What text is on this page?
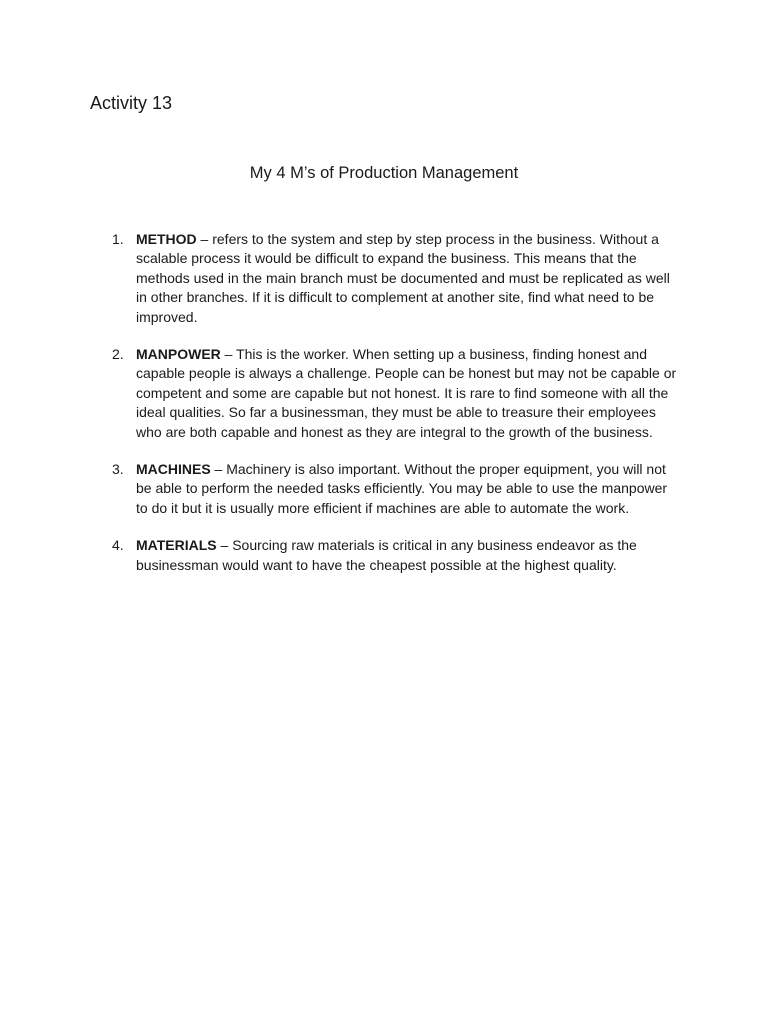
Activity 13
My 4 M’s of Production Management
1. METHOD – refers to the system and step by step process in the business. Without a scalable process it would be difficult to expand the business. This means that the methods used in the main branch must be documented and must be replicated as well in other branches. If it is difficult to complement at another site, find what need to be improved.
2. MANPOWER – This is the worker. When setting up a business, finding honest and capable people is always a challenge. People can be honest but may not be capable or competent and some are capable but not honest. It is rare to find someone with all the ideal qualities. So far a businessman, they must be able to treasure their employees who are both capable and honest as they are integral to the growth of the business.
3. MACHINES – Machinery is also important. Without the proper equipment, you will not be able to perform the needed tasks efficiently. You may be able to use the manpower to do it but it is usually more efficient if machines are able to automate the work.
4. MATERIALS – Sourcing raw materials is critical in any business endeavor as the businessman would want to have the cheapest possible at the highest quality.
